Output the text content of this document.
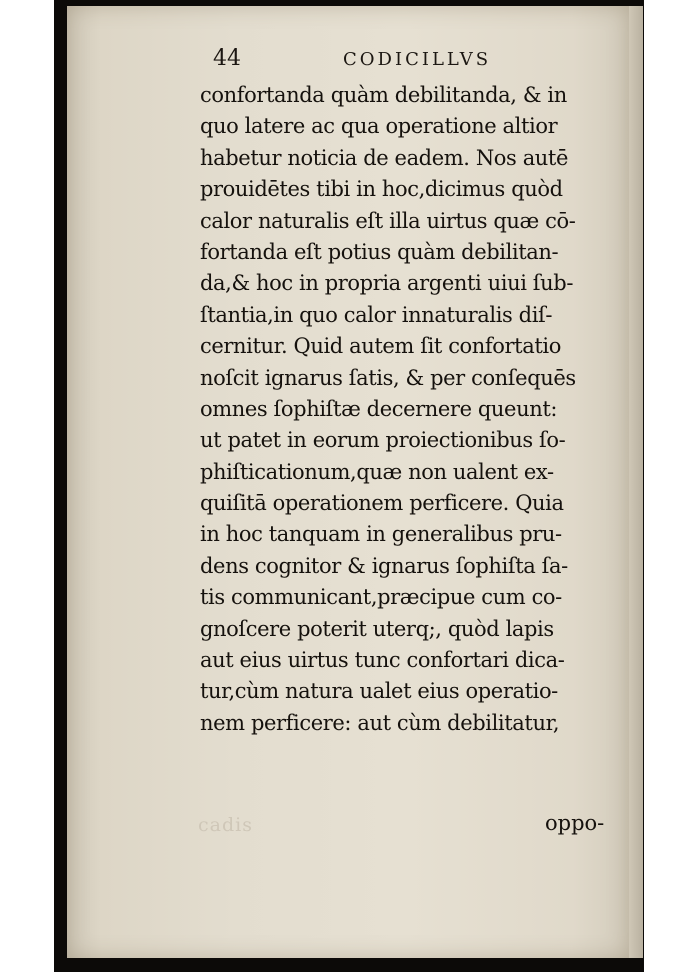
44	CODICILLVS
confortanda quàm debilitanda, & in
quo latere ac qua operatione altior
habetur noticia de eadem. Nos autē
prouidētes tibi in hoc,dicimus quòd
calor naturalis eſt illa uirtus quæ cō-
fortanda eſt potius quàm debilitan-
da,& hoc in propria argenti uiui ſub-
ſtantia,in quo calor innaturalis diſ-
cernitur. Quid autem ſit confortatio
noſcit ignarus ſatis, & per conſequēs
omnes ſophiſtæ decernere queunt:
ut patet in eorum proiectionibus ſo-
phiſticationum,quæ non ualent ex-
quiſitā operationem perficere. Quia
in hoc tanquam in generalibus pru-
dens cognitor & ignarus ſophiſta ſa-
tis communicant,præcipue cum co-
gnoſcere poterit uterq;, quòd lapis
aut eius uirtus tunc confortari dica-
tur,cùm natura ualet eius operatio-
nem perficere: aut cùm debilitatur,
cadis	oppo-
